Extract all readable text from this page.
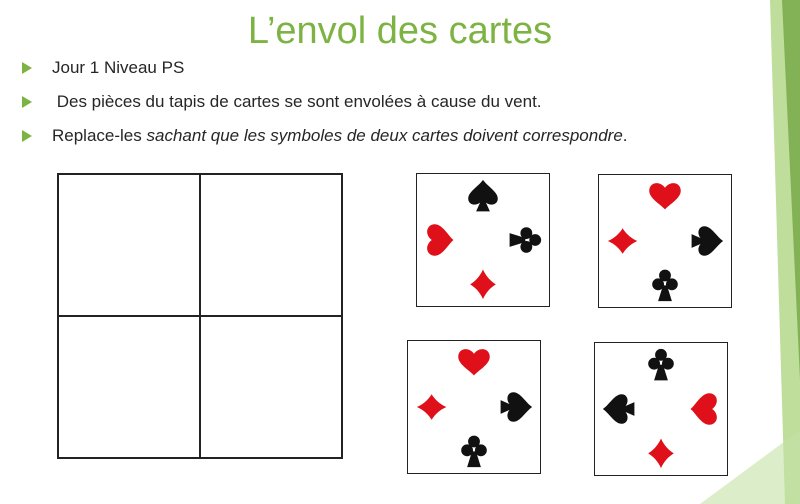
L’envol des cartes
Jour 1 Niveau PS
Des pièces du tapis de cartes se sont envolées à cause du vent.
Replace-les sachant que les symboles de deux cartes doivent correspondre.
